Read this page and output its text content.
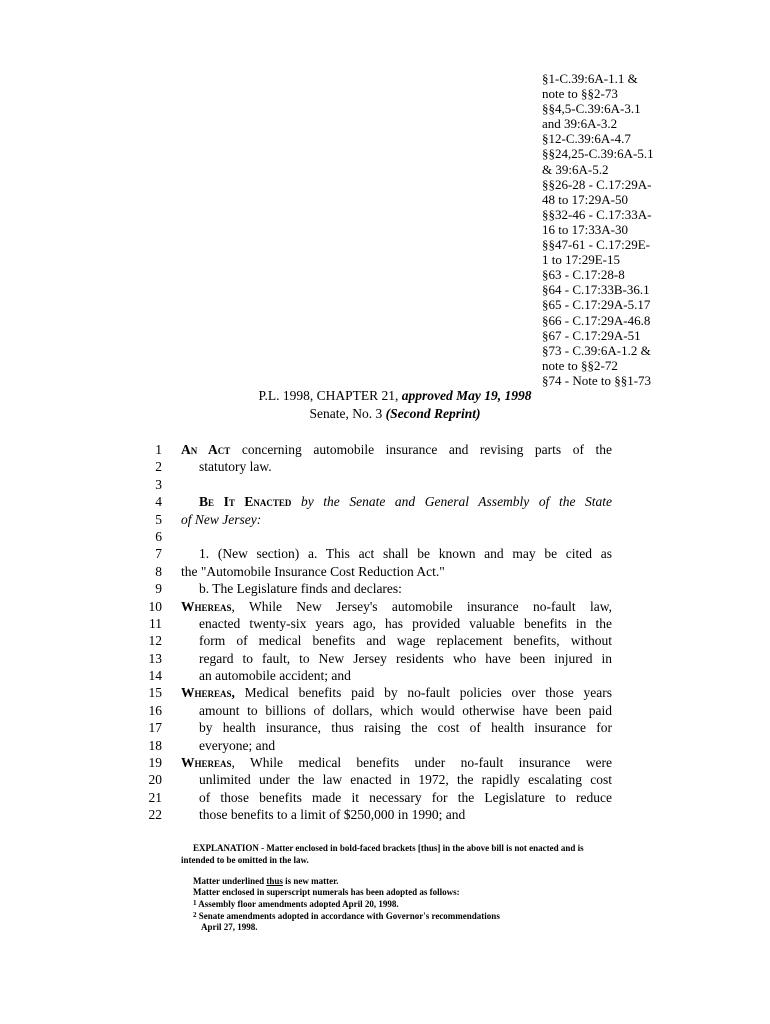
§1-C.39:6A-1.1 &
note to §§2-73
§§4,5-C.39:6A-3.1
and 39:6A-3.2
§12-C.39:6A-4.7
§§24,25-C.39:6A-5.1
& 39:6A-5.2
§§26-28 - C.17:29A-
48 to 17:29A-50
§§32-46 - C.17:33A-
16 to 17:33A-30
§§47-61 - C.17:29E-
1 to 17:29E-15
§63 - C.17:28-8
§64 - C.17:33B-36.1
§65 - C.17:29A-5.17
§66 - C.17:29A-46.8
§67 - C.17:29A-51
§73 - C.39:6A-1.2 &
note to §§2-72
§74 - Note to §§1-73
P.L. 1998, CHAPTER 21, approved May 19, 1998
Senate, No. 3 (Second Reprint)
1 An Act concerning automobile insurance and revising parts of the
2	statutory law.
3
4	Be It Enacted by the Senate and General Assembly of the State
5 of New Jersey:
6
7	1. (New section) a. This act shall be known and may be cited as
8 the "Automobile Insurance Cost Reduction Act."
9	b. The Legislature finds and declares:
10 Whereas, While New Jersey's automobile insurance no-fault law,
11	enacted twenty-six years ago, has provided valuable benefits in the
12	form of medical benefits and wage replacement benefits, without
13	regard to fault, to New Jersey residents who have been injured in
14	an automobile accident; and
15 Whereas, Medical benefits paid by no-fault policies over those years
16	amount to billions of dollars, which would otherwise have been paid
17	by health insurance, thus raising the cost of health insurance for
18	everyone; and
19 Whereas, While medical benefits under no-fault insurance were
20	unlimited under the law enacted in 1972, the rapidly escalating cost
21	of those benefits made it necessary for the Legislature to reduce
22	those benefits to a limit of $250,000 in 1990; and
EXPLANATION - Matter enclosed in bold-faced brackets [thus] in the above bill is not enacted and is intended to be omitted in the law.
Matter underlined thus is new matter.
Matter enclosed in superscript numerals has been adopted as follows:
$^1$ Assembly floor amendments adopted April 20, 1998.
$^2$ Senate amendments adopted in accordance with Governor's recommendations
April 27, 1998.
